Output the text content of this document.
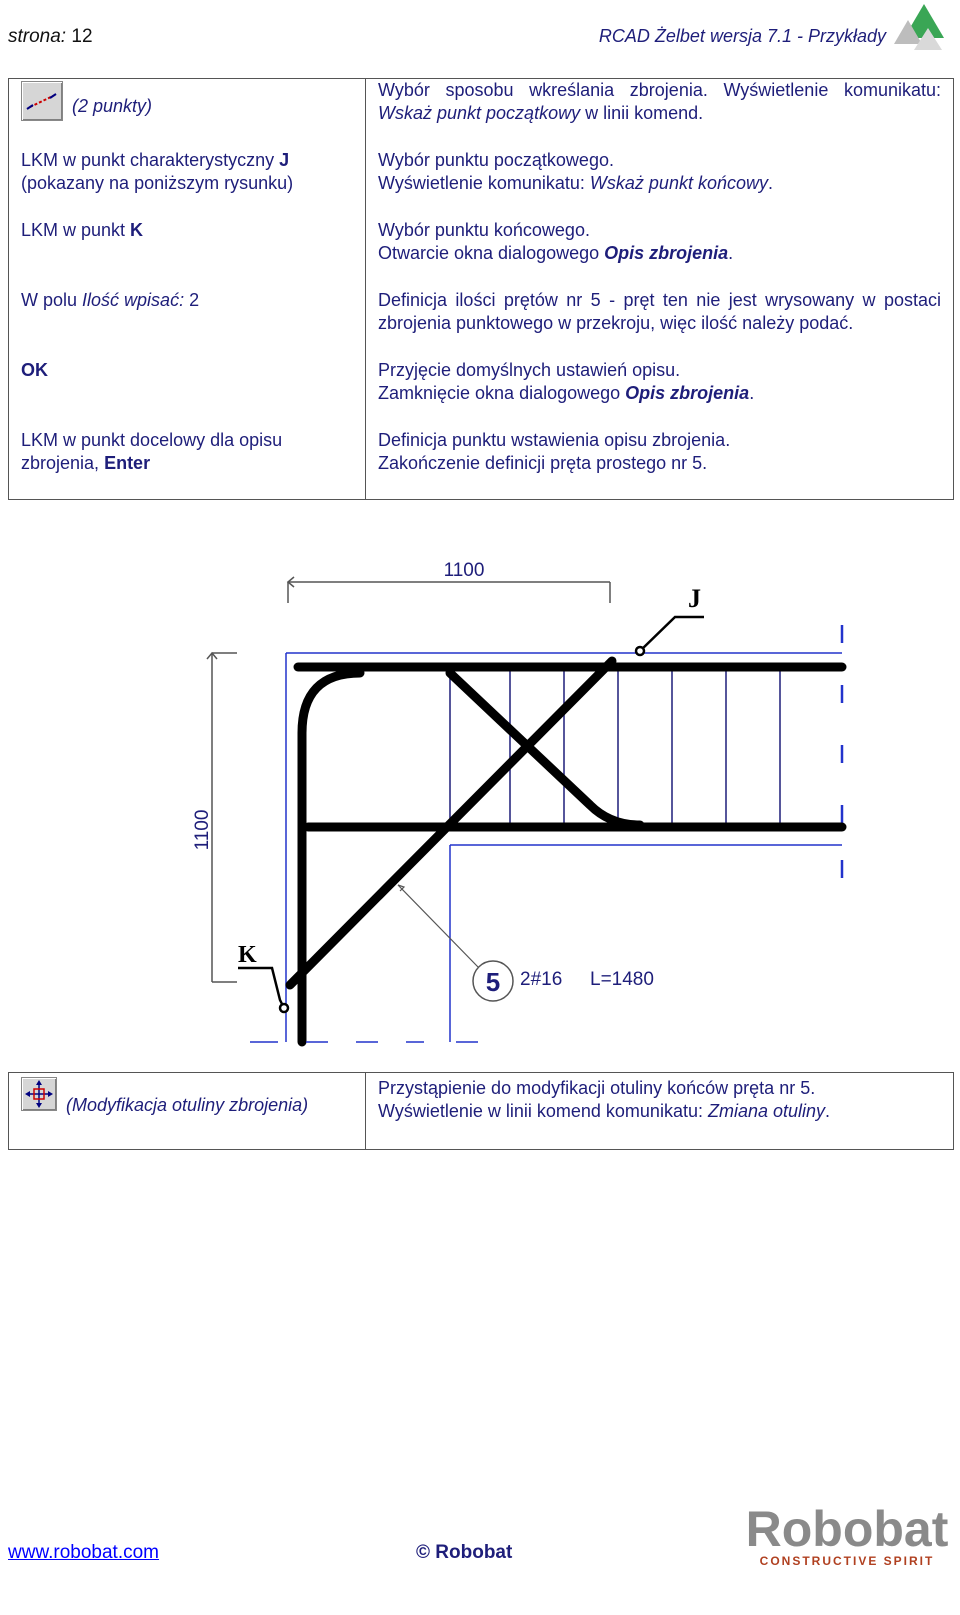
strona: 12	RCAD Żelbet wersja 7.1 - Przykłady
(2 punkty)	Wybór sposobu wkreślania zbrojenia. Wyświetlenie komunikatu: Wskaż punkt początkowy w linii komend.

LKM w punkt charakterystyczny J
(pokazany na poniższym rysunku)	Wybór punktu początkowego.
Wyświetlenie komunikatu: Wskaż punkt końcowy.

LKM w punkt K	Wybór punktu końcowego.
Otwarcie okna dialogowego Opis zbrojenia.

W polu Ilość wpisać: 2	Definicja ilości prętów nr 5 - pręt ten nie jest wrysowany w postaci zbrojenia punktowego w przekroju, więc ilość należy podać.

OK	Przyjęcie domyślnych ustawień opisu.
Zamknięcie okna dialogowego Opis zbrojenia.

LKM w punkt docelowy dla opisu zbrojenia, Enter	Definicja punktu wstawienia opisu zbrojenia.
Zakończenie definicji pręta prostego nr 5.
1100
1100
J
K
5 2#16 L=1480
(Modyfikacja otuliny zbrojenia)	Przystąpienie do modyfikacji otuliny końców pręta nr 5.
Wyświetlenie w linii komend komunikatu: Zmiana otuliny.
www.robobat.com	© Robobat	Robobat
CONSTRUCTIVE SPIRIT
